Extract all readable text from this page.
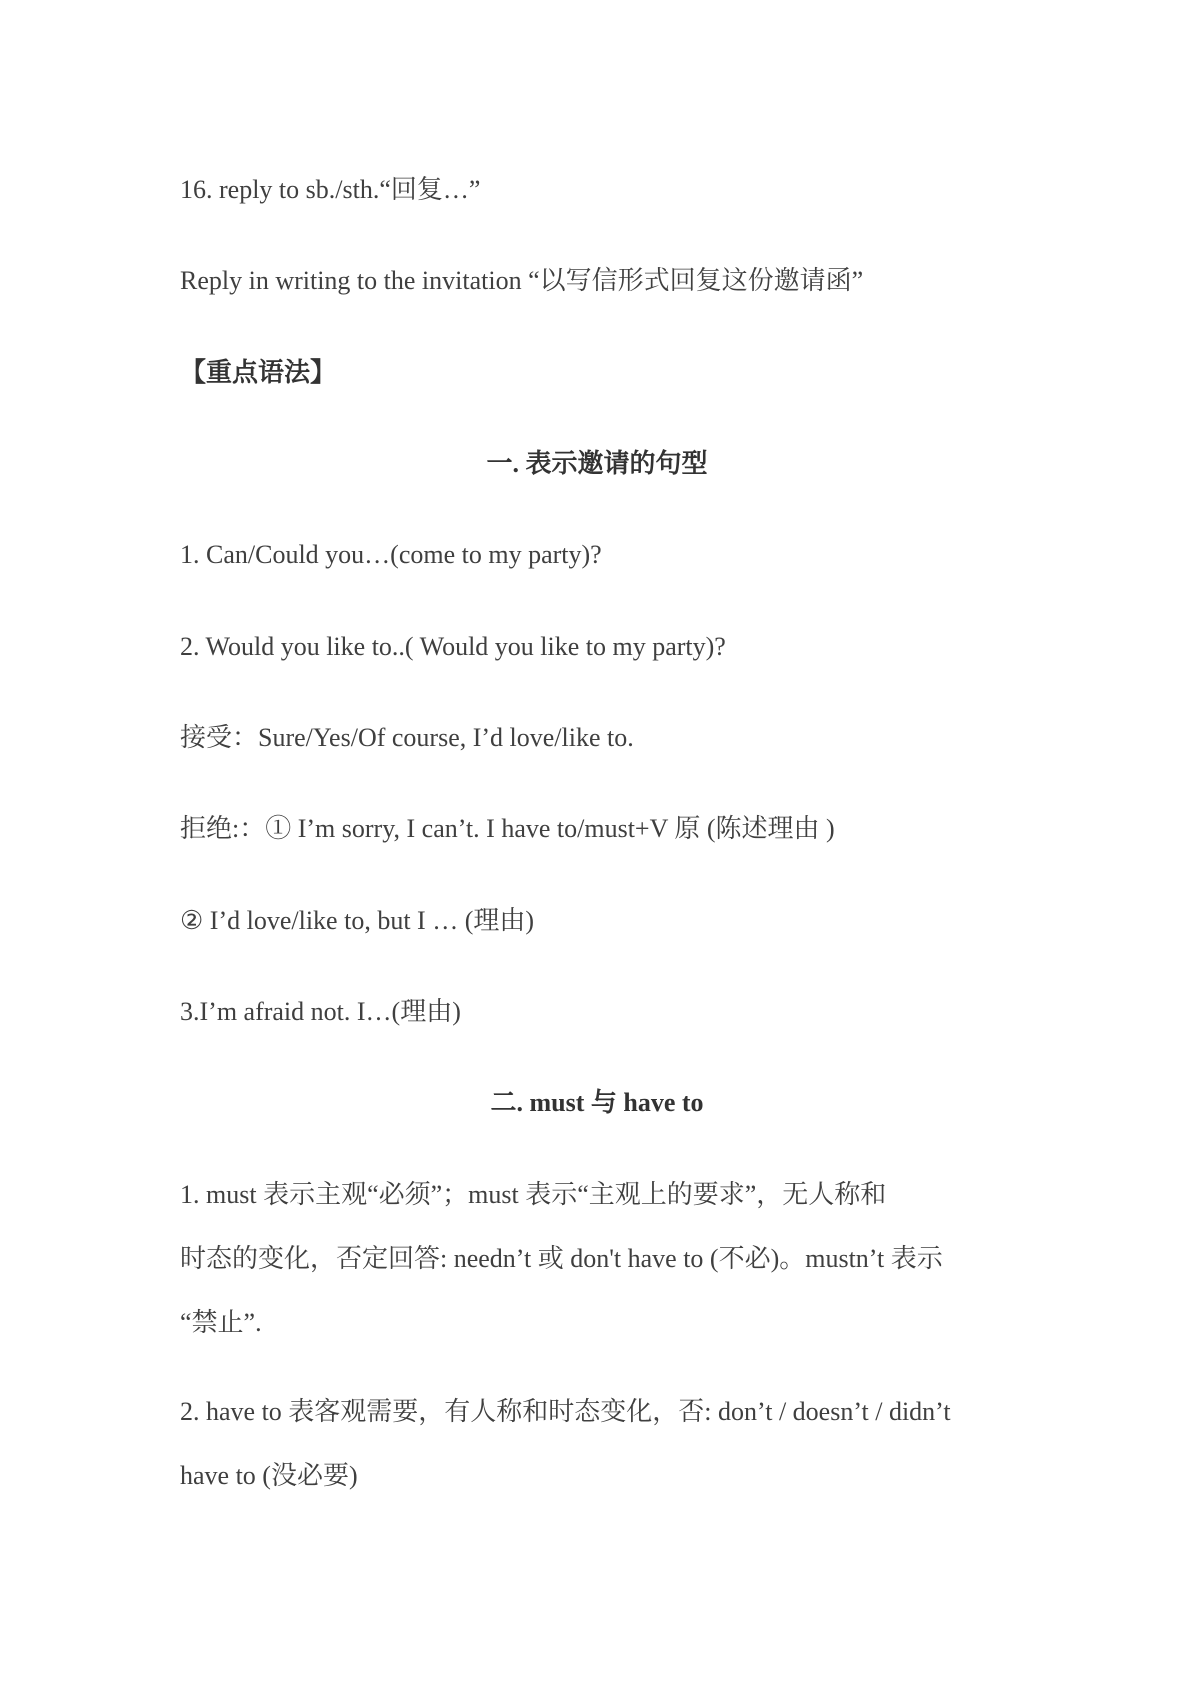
16. reply to sb./sth.“回复…”
Reply in writing to the invitation “以写信形式回复这份邀请函”
【重点语法】
一. 表示邀请的句型
1. Can/Could you…(come to my party)?
2. Would you like to..( Would you like to my party)?
接受：Sure/Yes/Of course, I’d love/like to.
拒绝:：① I’m sorry, I can’t. I have to/must+V 原 (陈述理由 )
② I’d love/like to, but I … (理由)
3.I’m afraid not. I…(理由)
二. must 与 have to
1. must 表示主观“必须”；must 表示“主观上的要求”，无人称和
时态的变化，否定回答: needn’t 或 don't have to (不必)。mustn’t 表示
“禁止”.
2. have to 表客观需要，有人称和时态变化，否: don’t / doesn’t / didn’t
have to (没必要)
